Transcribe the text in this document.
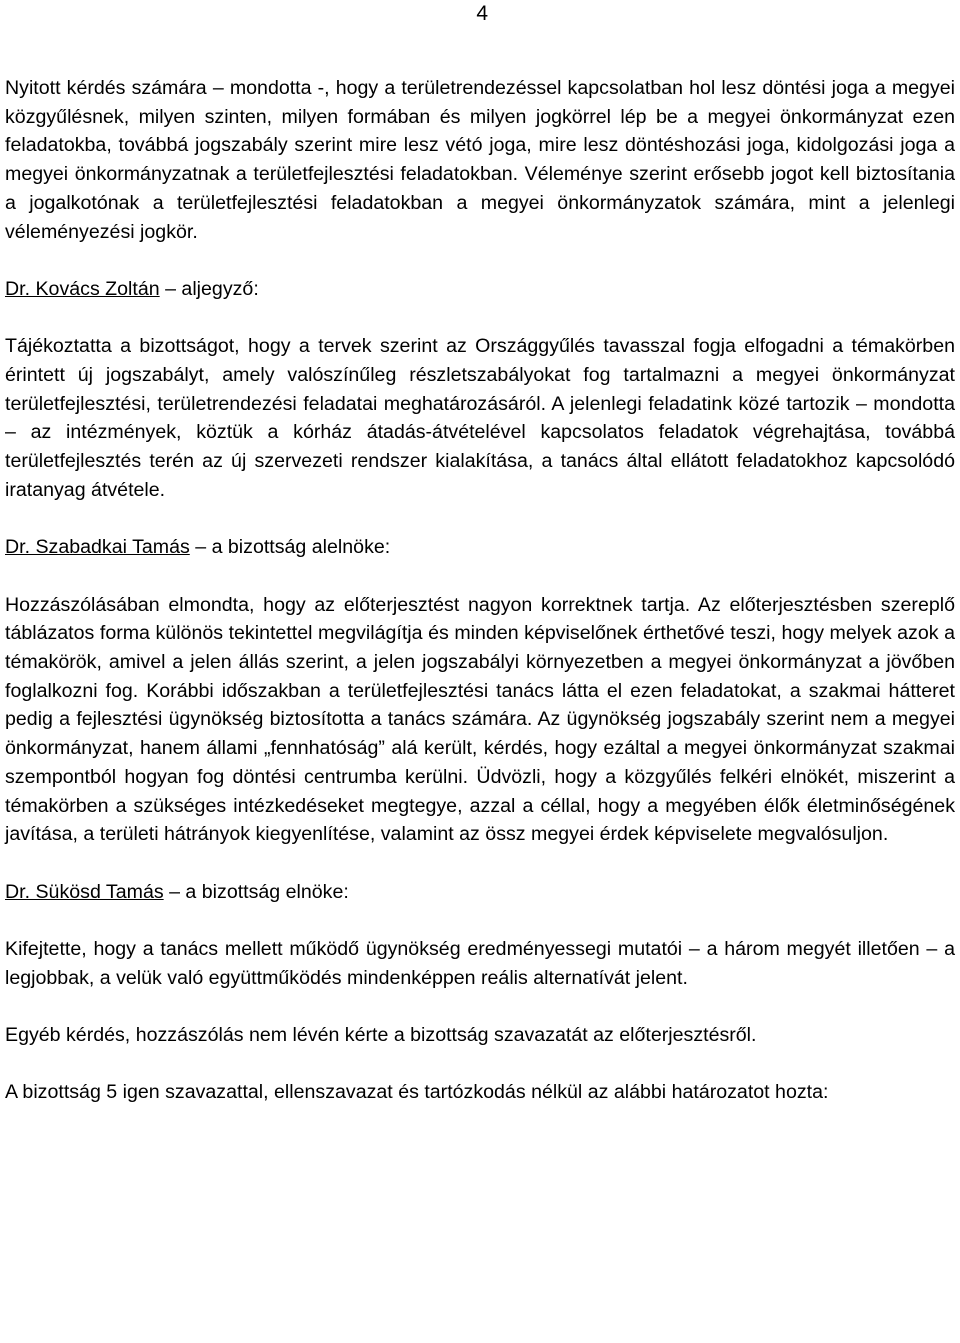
4

Nyitott kérdés számára – mondotta -, hogy a területrendezéssel kapcsolatban hol lesz döntési joga a megyei közgyűlésnek, milyen szinten, milyen formában és milyen jogkörrel lép be a megyei önkormányzat ezen feladatokba, továbbá jogszabály szerint mire lesz vétó joga, mire lesz döntéshozási joga, kidolgozási joga a megyei önkormányzatnak a területfejlesztési feladatokban. Véleménye szerint erősebb jogot kell biztosítania a jogalkotónak a területfejlesztési feladatokban a megyei önkormányzatok számára, mint a jelenlegi véleményezési jogkör.

Dr. Kovács Zoltán – aljegyző:

Tájékoztatta a bizottságot, hogy a tervek szerint az Országgyűlés tavasszal fogja elfogadni a témakörben érintett új jogszabályt, amely valószínűleg részletszabályokat fog tartalmazni a megyei önkormányzat területfejlesztési, területrendezési feladatai meghatározásáról. A jelenlegi feladatink közé tartozik – mondotta – az intézmények, köztük a kórház átadás-átvételével kapcsolatos feladatok végrehajtása, továbbá területfejlesztés terén az új szervezeti rendszer kialakítása, a tanács által ellátott feladatokhoz kapcsolódó iratanyag átvétele.

Dr. Szabadkai Tamás – a bizottság alelnöke:

Hozzászólásában elmondta, hogy az előterjesztést nagyon korrektnek tartja. Az előterjesztésben szereplő táblázatos forma különös tekintettel megvilágítja és minden képviselőnek érthetővé teszi, hogy melyek azok a témakörök, amivel a jelen állás szerint, a jelen jogszabályi környezetben a megyei önkormányzat a jövőben foglalkozni fog. Korábbi időszakban a területfejlesztési tanács látta el ezen feladatokat, a szakmai hátteret pedig a fejlesztési ügynökség biztosította a tanács számára. Az ügynökség jogszabály szerint nem a megyei önkormányzat, hanem állami „fennhatóság” alá került, kérdés, hogy ezáltal a megyei önkormányzat szakmai szempontból hogyan fog döntési centrumba kerülni. Üdvözli, hogy a közgyűlés felkéri elnökét, miszerint a témakörben a szükséges intézkedéseket megtegye, azzal a céllal, hogy a megyében élők életminőségének javítása, a területi hátrányok kiegyenlítése, valamint az össz megyei érdek képviselete megvalósuljon.

Dr. Sükösd Tamás – a bizottság elnöke:

Kifejtette, hogy a tanács mellett működő ügynökség eredményessegi mutatói – a három megyét illetően – a legjobbak, a velük való együttműködés mindenképpen reális alternatívát jelent.

Egyéb kérdés, hozzászólás nem lévén kérte a bizottság szavazatát az előterjesztésről.

A bizottság 5 igen szavazattal, ellenszavazat és tartózkodás nélkül az alábbi határozatot hozta:
